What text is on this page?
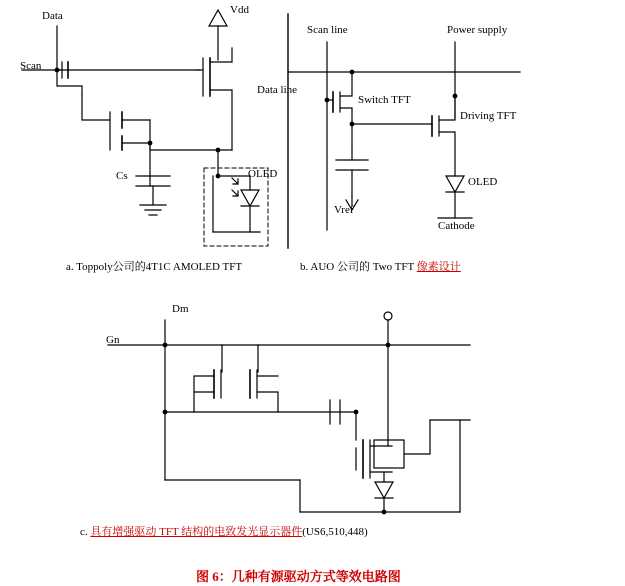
Data
Scan
Vdd
Cs	OLED
a. Toppoly公司的4T1C AMOLED TFT
Scan line	Power supply
Data line
Switch TFT
Driving TFT
OLED
Vref
Cathode
b. AUO 公司的 Two TFT 像素设计
Dm
Gn
c. 具有增强驱动 TFT 结构的电致发光显示器件(US6,510,448)
图 6：几种有源驱动方式等效电路图
